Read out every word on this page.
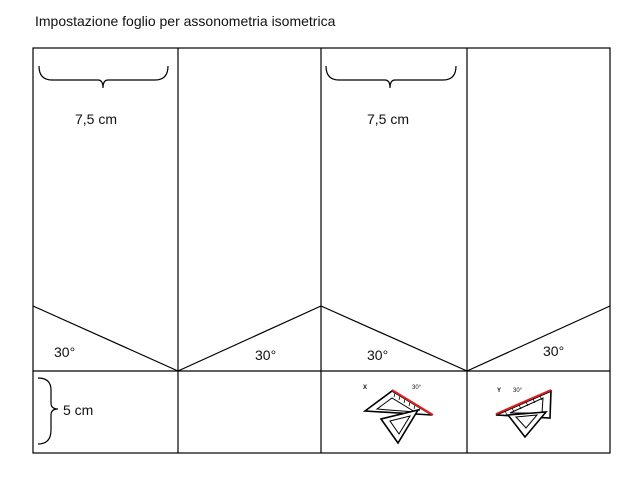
Impostazione foglio per assonometria isometrica
7,5 cm	7,5 cm
5 cm
30°	30°	30°	30°
X	30°	Y 30°
